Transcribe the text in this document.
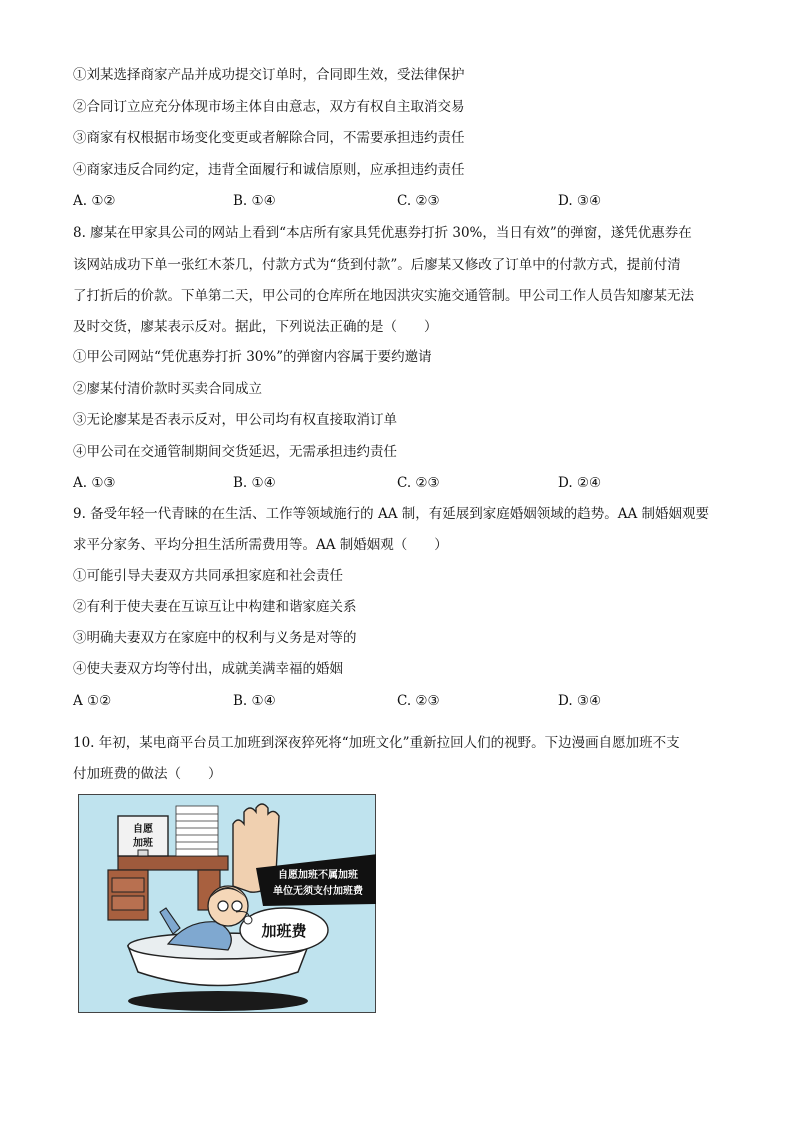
①刘某选择商家产品并成功提交订单时，合同即生效，受法律保护
②合同订立应充分体现市场主体自由意志，双方有权自主取消交易
③商家有权根据市场变化变更或者解除合同，不需要承担违约责任
④商家违反合同约定，违背全面履行和诚信原则，应承担违约责任
A. ①②	B. ①④	C. ②③	D. ③④
8. 廖某在甲家具公司的网站上看到“本店所有家具凭优惠券打折 30%，当日有效”的弹窗，遂凭优惠券在
该网站成功下单一张红木茶几，付款方式为“货到付款”。后廖某又修改了订单中的付款方式，提前付清
了打折后的价款。下单第二天，甲公司的仓库所在地因洪灾实施交通管制。甲公司工作人员告知廖某无法
及时交货，廖某表示反对。据此，下列说法正确的是（　　）
①甲公司网站“凭优惠券打折 30%”的弹窗内容属于要约邀请
②廖某付清价款时买卖合同成立
③无论廖某是否表示反对，甲公司均有权直接取消订单
④甲公司在交通管制期间交货延迟，无需承担违约责任
A. ①③	B. ①④	C. ②③	D. ②④
9. 备受年轻一代青睐的在生活、工作等领域施行的 AA 制，有延展到家庭婚姻领域的趋势。AA 制婚姻观要
求平分家务、平均分担生活所需费用等。AA 制婚姻观（　　）
①可能引导夫妻双方共同承担家庭和社会责任
②有利于使夫妻在互谅互让中构建和谐家庭关系
③明确夫妻双方在家庭中的权利与义务是对等的
④使夫妻双方均等付出，成就美满幸福的婚姻
A ①②	B. ①④	C. ②③	D. ③④
10. 年初，某电商平台员工加班到深夜猝死将“加班文化”重新拉回人们的视野。下边漫画自愿加班不支
付加班费的做法（　　）
自愿
加班
自愿加班不属加班
单位无须支付加班费
加班费
